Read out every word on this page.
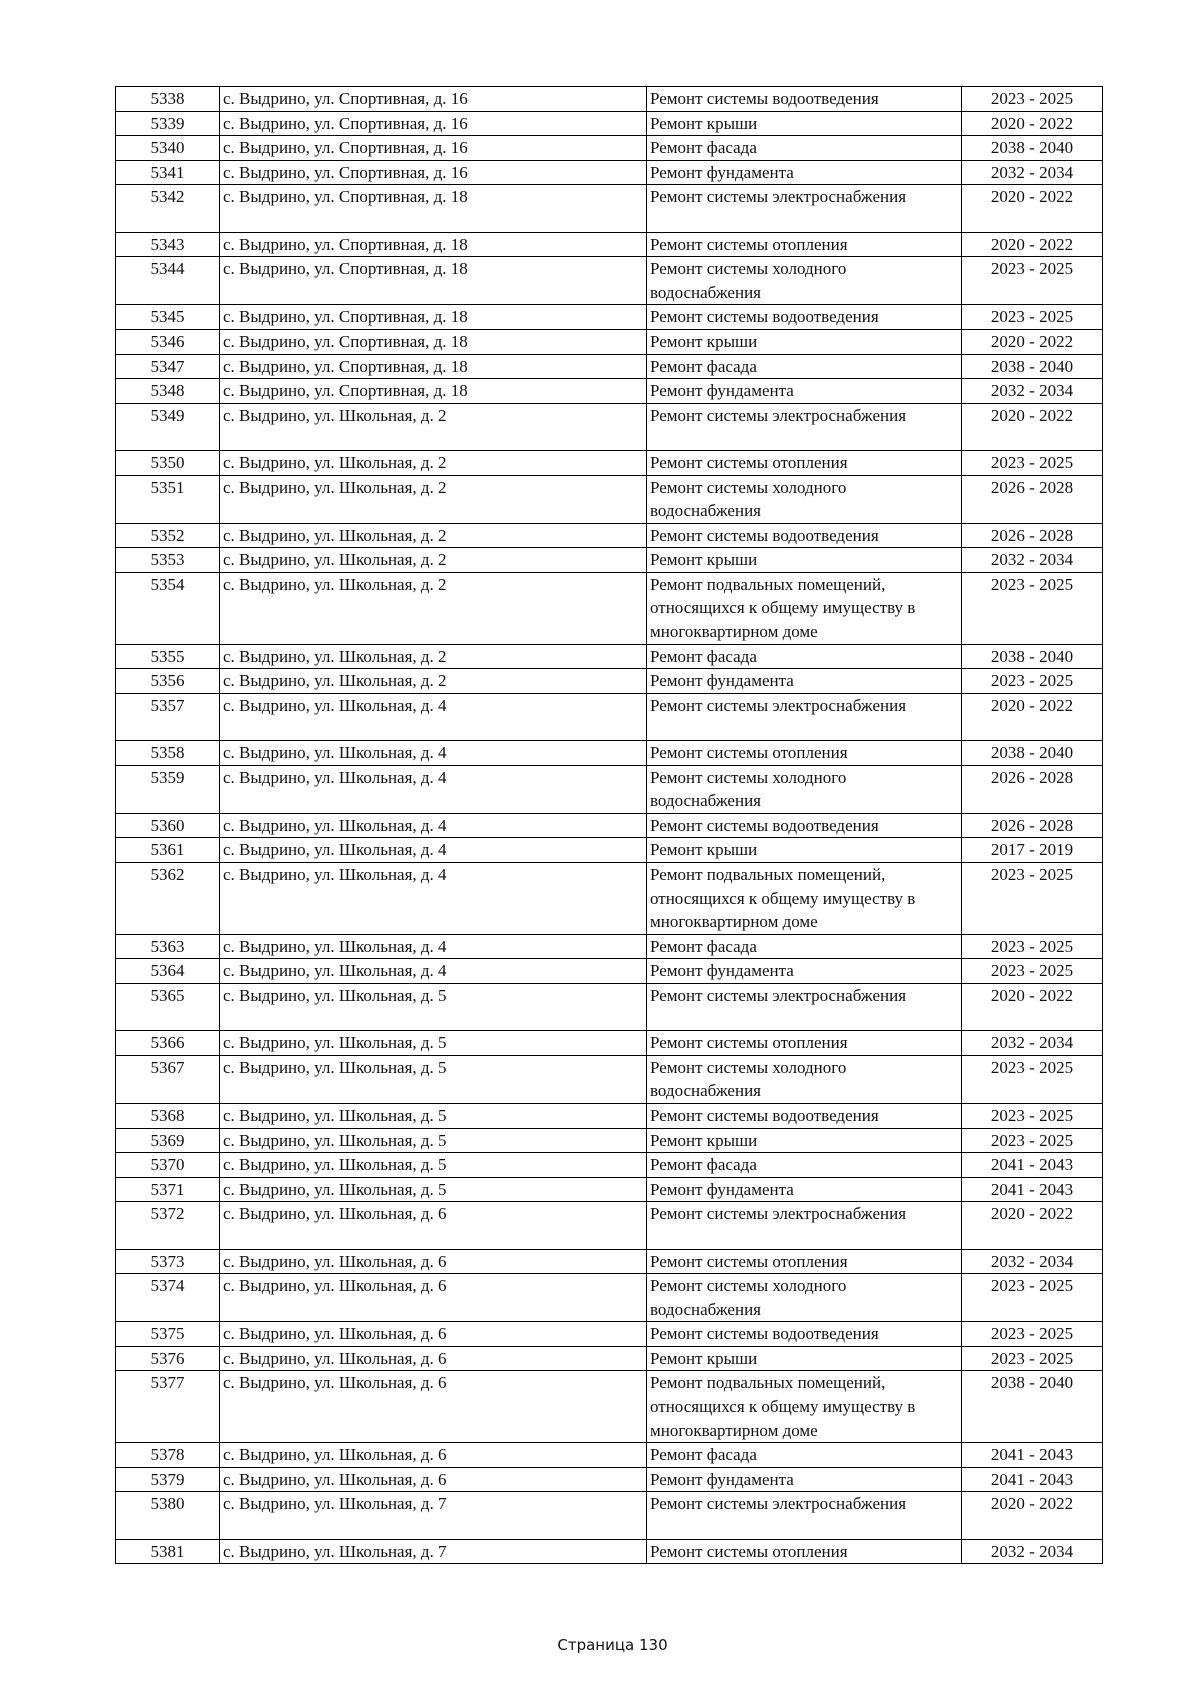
5338	с. Выдрино, ул. Спортивная, д. 16	Ремонт системы водоотведения	2023 - 2025
5339	с. Выдрино, ул. Спортивная, д. 16	Ремонт крыши	2020 - 2022
5340	с. Выдрино, ул. Спортивная, д. 16	Ремонт фасада	2038 - 2040
5341	с. Выдрино, ул. Спортивная, д. 16	Ремонт фундамента	2032 - 2034
5342	с. Выдрино, ул. Спортивная, д. 18	Ремонт системы электроснабжения	2020 - 2022
5343	с. Выдрино, ул. Спортивная, д. 18	Ремонт системы отопления	2020 - 2022
5344	с. Выдрино, ул. Спортивная, д. 18	Ремонт системы холодного водоснабжения	2023 - 2025
5345	с. Выдрино, ул. Спортивная, д. 18	Ремонт системы водоотведения	2023 - 2025
5346	с. Выдрино, ул. Спортивная, д. 18	Ремонт крыши	2020 - 2022
5347	с. Выдрино, ул. Спортивная, д. 18	Ремонт фасада	2038 - 2040
5348	с. Выдрино, ул. Спортивная, д. 18	Ремонт фундамента	2032 - 2034
5349	с. Выдрино, ул. Школьная, д. 2	Ремонт системы электроснабжения	2020 - 2022
5350	с. Выдрино, ул. Школьная, д. 2	Ремонт системы отопления	2023 - 2025
5351	с. Выдрино, ул. Школьная, д. 2	Ремонт системы холодного водоснабжения	2026 - 2028
5352	с. Выдрино, ул. Школьная, д. 2	Ремонт системы водоотведения	2026 - 2028
5353	с. Выдрино, ул. Школьная, д. 2	Ремонт крыши	2032 - 2034
5354	с. Выдрино, ул. Школьная, д. 2	Ремонт подвальных помещений, относящихся к общему имуществу в многоквартирном доме	2023 - 2025
5355	с. Выдрино, ул. Школьная, д. 2	Ремонт фасада	2038 - 2040
5356	с. Выдрино, ул. Школьная, д. 2	Ремонт фундамента	2023 - 2025
5357	с. Выдрино, ул. Школьная, д. 4	Ремонт системы электроснабжения	2020 - 2022
5358	с. Выдрино, ул. Школьная, д. 4	Ремонт системы отопления	2038 - 2040
5359	с. Выдрино, ул. Школьная, д. 4	Ремонт системы холодного водоснабжения	2026 - 2028
5360	с. Выдрино, ул. Школьная, д. 4	Ремонт системы водоотведения	2026 - 2028
5361	с. Выдрино, ул. Школьная, д. 4	Ремонт крыши	2017 - 2019
5362	с. Выдрино, ул. Школьная, д. 4	Ремонт подвальных помещений, относящихся к общему имуществу в многоквартирном доме	2023 - 2025
5363	с. Выдрино, ул. Школьная, д. 4	Ремонт фасада	2023 - 2025
5364	с. Выдрино, ул. Школьная, д. 4	Ремонт фундамента	2023 - 2025
5365	с. Выдрино, ул. Школьная, д. 5	Ремонт системы электроснабжения	2020 - 2022
5366	с. Выдрино, ул. Школьная, д. 5	Ремонт системы отопления	2032 - 2034
5367	с. Выдрино, ул. Школьная, д. 5	Ремонт системы холодного водоснабжения	2023 - 2025
5368	с. Выдрино, ул. Школьная, д. 5	Ремонт системы водоотведения	2023 - 2025
5369	с. Выдрино, ул. Школьная, д. 5	Ремонт крыши	2023 - 2025
5370	с. Выдрино, ул. Школьная, д. 5	Ремонт фасада	2041 - 2043
5371	с. Выдрино, ул. Школьная, д. 5	Ремонт фундамента	2041 - 2043
5372	с. Выдрино, ул. Школьная, д. 6	Ремонт системы электроснабжения	2020 - 2022
5373	с. Выдрино, ул. Школьная, д. 6	Ремонт системы отопления	2032 - 2034
5374	с. Выдрино, ул. Школьная, д. 6	Ремонт системы холодного водоснабжения	2023 - 2025
5375	с. Выдрино, ул. Школьная, д. 6	Ремонт системы водоотведения	2023 - 2025
5376	с. Выдрино, ул. Школьная, д. 6	Ремонт крыши	2023 - 2025
5377	с. Выдрино, ул. Школьная, д. 6	Ремонт подвальных помещений, относящихся к общему имуществу в многоквартирном доме	2038 - 2040
5378	с. Выдрино, ул. Школьная, д. 6	Ремонт фасада	2041 - 2043
5379	с. Выдрино, ул. Школьная, д. 6	Ремонт фундамента	2041 - 2043
5380	с. Выдрино, ул. Школьная, д. 7	Ремонт системы электроснабжения	2020 - 2022
5381	с. Выдрино, ул. Школьная, д. 7	Ремонт системы отопления	2032 - 2034
Страница 130
